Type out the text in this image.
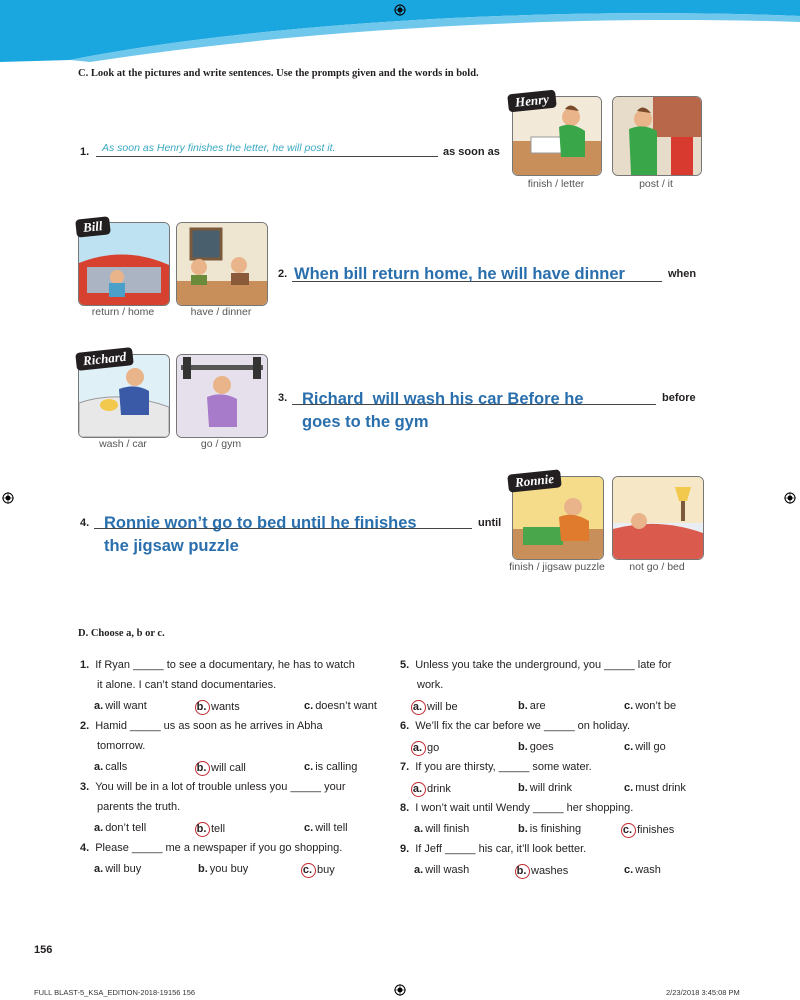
C. Look at the pictures and write sentences. Use the prompts given and the words in bold.
1. As soon as Henry finishes the letter, he will post it.	as soon as
Henry
finish / letter	post / it
Bill
return / home	have / dinner
2. When bill return home, he will have dinner	when
Richard
wash / car	go / gym
3. Richard  will wash his car Before he
goes to the gym
before
4. Ronnie won’t go to bed until he finishes
the jigsaw puzzle
until
Ronnie
finish / jigsaw puzzle	not go / bed
D. Choose a, b or c.
1. If Ryan _____ to see a documentary, he has to watch
it alone. I can’t stand documentaries.
a. will want	b. wants	c. doesn’t want
2. Hamid _____ us as soon as he arrives in Abha
tomorrow.
a. calls	b. will call	c. is calling
3. You will be in a lot of trouble unless you _____ your
parents the truth.
a. don’t tell	b. tell	c. will tell
4. Please _____ me a newspaper if you go shopping.
a. will buy	b. you buy	c. buy
5. Unless you take the underground, you _____ late for
work.
a. will be	b. are	c. won’t be
6. We’ll fix the car before we _____ on holiday.
a. go	b. goes	c. will go
7. If you are thirsty, _____ some water.
a. drink	b. will drink	c. must drink
8. I won’t wait until Wendy _____ her shopping.
a. will finish	b. is finishing	c. finishes
9. If Jeff _____ his car, it’ll look better.
a. will wash	b. washes	c. wash
156
FULL BLAST-5_KSA_EDITION-2018-19156 156	2/23/2018 3:45:08 PM
